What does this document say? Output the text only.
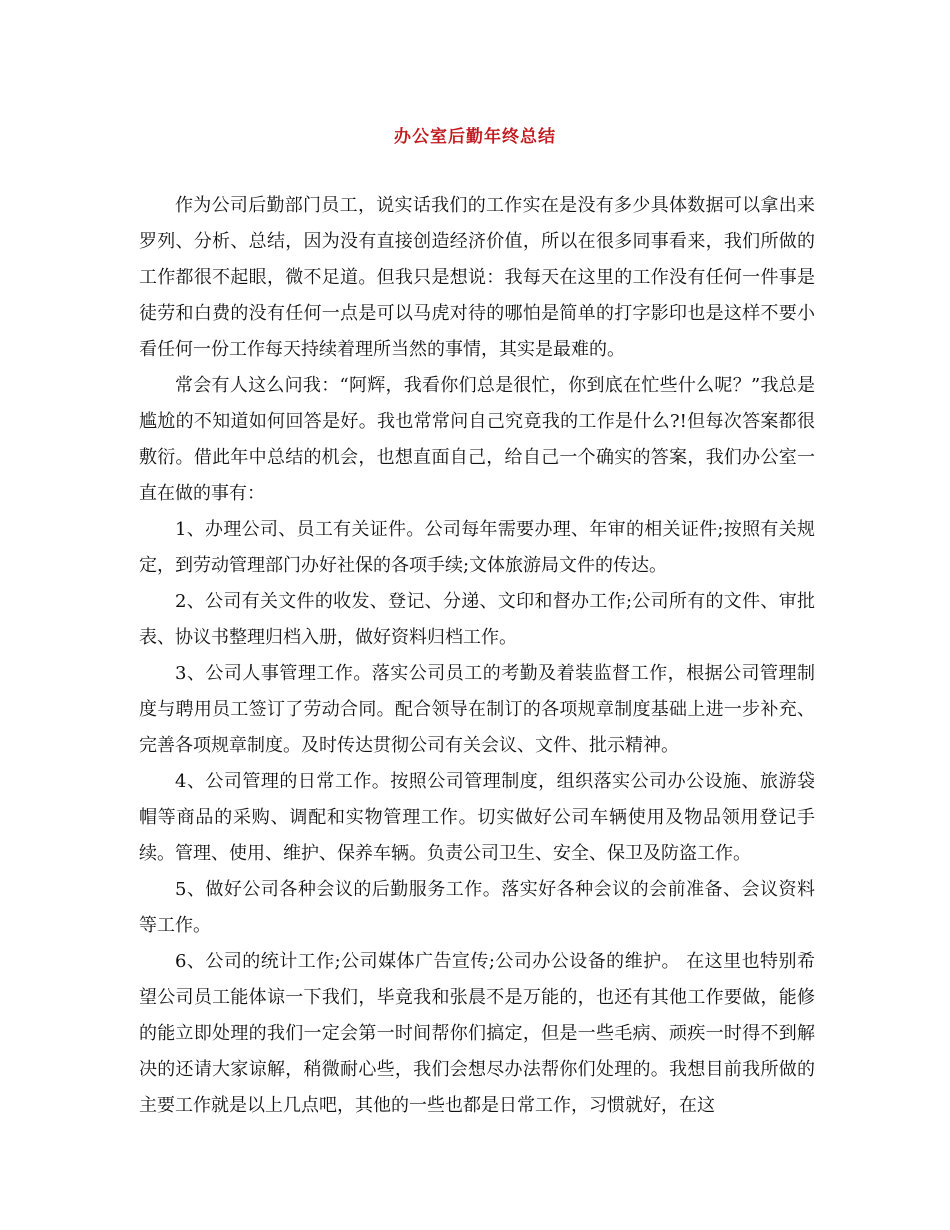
办公室后勤年终总结

作为公司后勤部门员工，说实话我们的工作实在是没有多少具体数据可以拿出来罗列、分析、总结，因为没有直接创造经济价值，所以在很多同事看来，我们所做的工作都很不起眼，微不足道。但我只是想说：我每天在这里的工作没有任何一件事是徒劳和白费的没有任何一点是可以马虎对待的哪怕是简单的打字影印也是这样不要小看任何一份工作每天持续着理所当然的事情，其实是最难的。

常会有人这么问我：“阿辉，我看你们总是很忙，你到底在忙些什么呢？”我总是尴尬的不知道如何回答是好。我也常常问自己究竟我的工作是什么?!但每次答案都很敷衍。借此年中总结的机会，也想直面自己，给自己一个确实的答案，我们办公室一直在做的事有：

1、办理公司、员工有关证件。公司每年需要办理、年审的相关证件;按照有关规定，到劳动管理部门办好社保的各项手续;文体旅游局文件的传达。

2、公司有关文件的收发、登记、分递、文印和督办工作;公司所有的文件、审批表、协议书整理归档入册，做好资料归档工作。

3、公司人事管理工作。落实公司员工的考勤及着装监督工作，根据公司管理制度与聘用员工签订了劳动合同。配合领导在制订的各项规章制度基础上进一步补充、完善各项规章制度。及时传达贯彻公司有关会议、文件、批示精神。

4、公司管理的日常工作。按照公司管理制度，组织落实公司办公设施、旅游袋帽等商品的采购、调配和实物管理工作。切实做好公司车辆使用及物品领用登记手续。管理、使用、维护、保养车辆。负责公司卫生、安全、保卫及防盗工作。

5、做好公司各种会议的后勤服务工作。落实好各种会议的会前准备、会议资料等工作。

6、公司的统计工作;公司媒体广告宣传;公司办公设备的维护。 在这里也特别希望公司员工能体谅一下我们，毕竟我和张晨不是万能的，也还有其他工作要做，能修的能立即处理的我们一定会第一时间帮你们搞定，但是一些毛病、顽疾一时得不到解决的还请大家谅解，稍微耐心些，我们会想尽办法帮你们处理的。我想目前我所做的主要工作就是以上几点吧，其他的一些也都是日常工作，习惯就好，在这
